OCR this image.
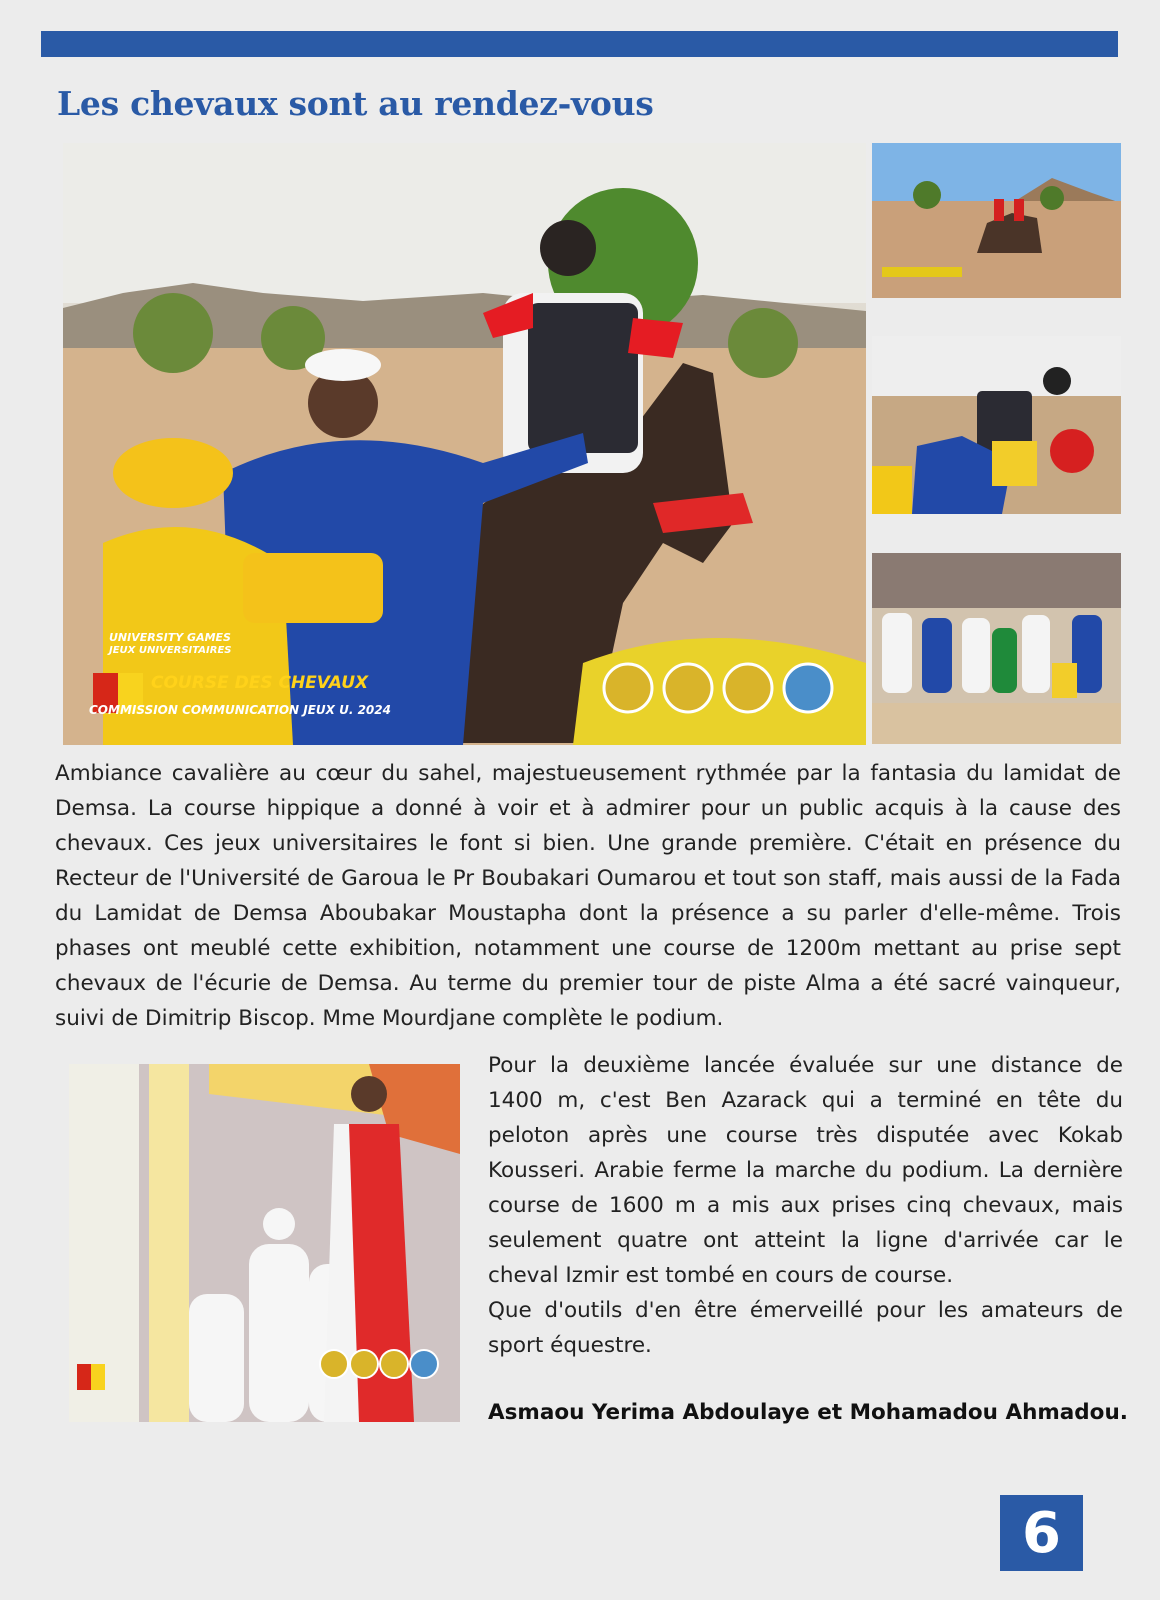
Les chevaux sont au rendez-vous
UNIVERSITY GAMES
JEUX UNIVERSITAIRES
COURSE DES CHEVAUX
COMMISSION COMMUNICATION JEUX U. 2024

Ambiance cavalière au cœur du sahel, majestueusement rythmée par la fantasia du lamidat de Demsa. La course hippique a donné à voir et à admirer pour un public acquis à la cause des chevaux. Ces jeux universitaires le font si bien. Une grande première. C'était en présence du Recteur de l'Université de Garoua le Pr Boubakari Oumarou et tout son staff, mais aussi de la Fada du Lamidat de Demsa Aboubakar Moustapha dont la présence a su parler d'elle-même. Trois phases ont meublé cette exhibition, notamment une course de 1200m mettant au prise sept chevaux de l'écurie de Demsa. Au terme du premier tour de piste Alma a été sacré vainqueur, suivi de Dimitrip Biscop. Mme Mourdjane complète le podium.

Pour la deuxième lancée évaluée sur une distance de 1400 m, c'est Ben Azarack qui a terminé en tête du peloton après une course très disputée avec Kokab Kousseri. Arabie ferme la marche du podium. La dernière course de 1600 m a mis aux prises cinq chevaux, mais seulement quatre ont atteint la ligne d'arrivée car le cheval Izmir est tombé en cours de course.

Que d'outils d'en être émerveillé pour les amateurs de sport équestre.

Asmaou Yerima Abdoulaye et Mohamadou Ahmadou.

6
